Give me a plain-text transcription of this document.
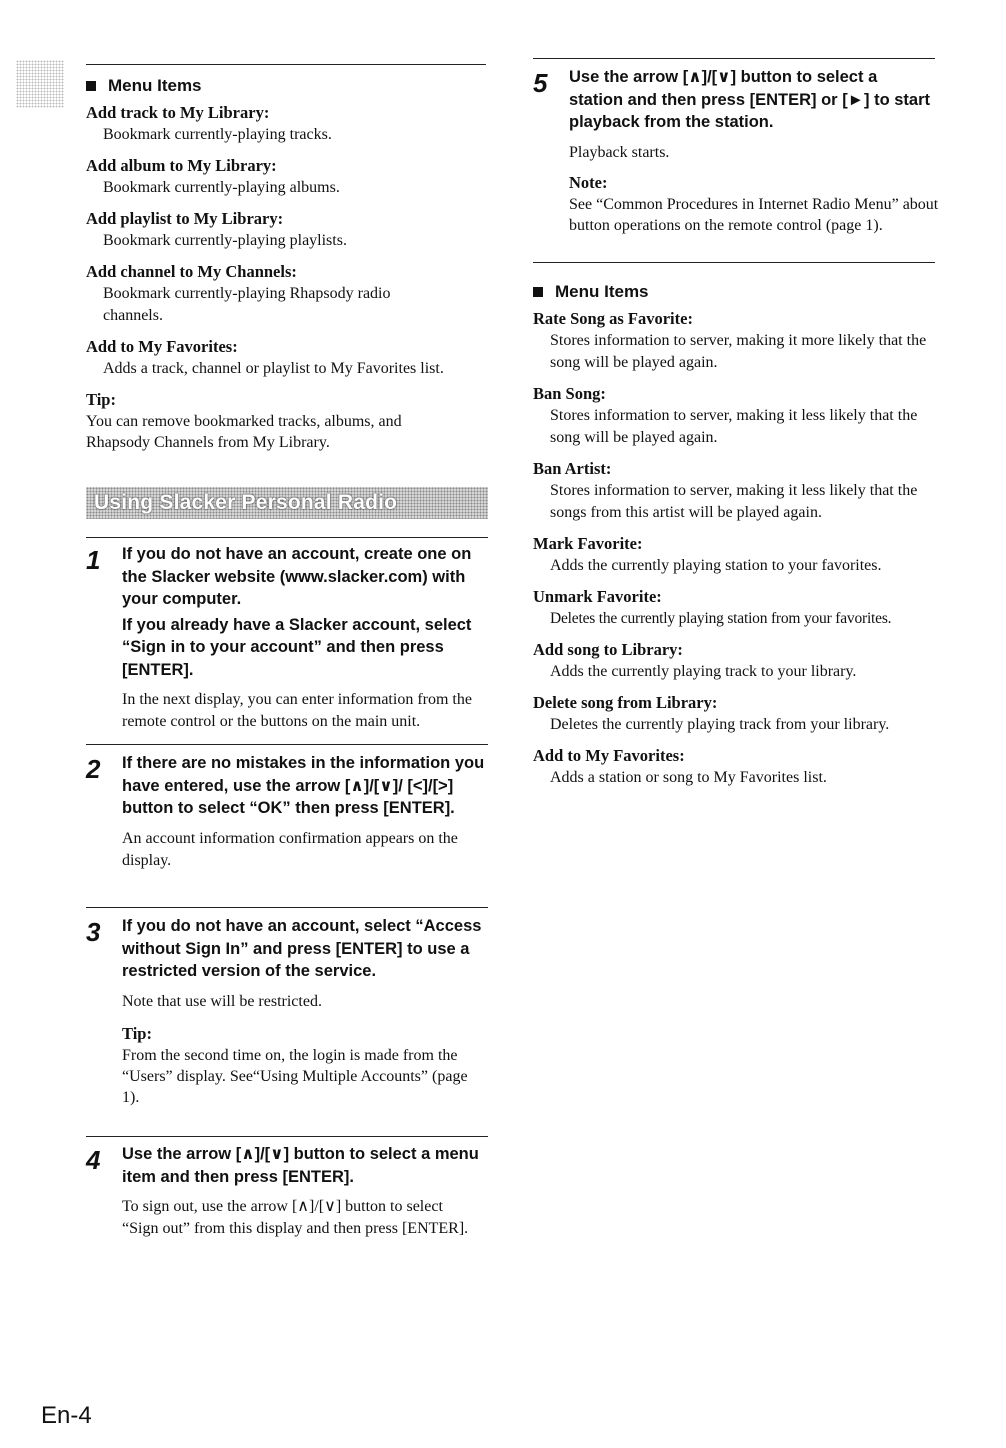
Menu Items

Add track to My Library:

Bookmark currently-playing tracks.

Add album to My Library:

Bookmark currently-playing albums.

Add playlist to My Library:

Bookmark currently-playing playlists.

Add channel to My Channels:

Bookmark currently-playing Rhapsody radio channels.

Add to My Favorites:

Adds a track, channel or playlist to My Favorites list.

Tip:
You can remove bookmarked tracks, albums, and Rhapsody Channels from My Library.
Using Slacker Personal Radio
1 If you do not have an account, create one on the Slacker website (www.slacker.com) with your computer.
If you already have a Slacker account, select “Sign in to your account” and then press [ENTER].
In the next display, you can enter information from the remote control or the buttons on the main unit.
2 If there are no mistakes in the information you have entered, use the arrow [∧]/[∨]/ [<]/[>] button to select “OK” then press [ENTER].
An account information confirmation appears on the display.
3 If you do not have an account, select “Access without Sign In” and press [ENTER] to use a restricted version of the service.
Note that use will be restricted.
Tip:
From the second time on, the login is made from the “Users” display. See“Using Multiple Accounts” (page 1).
4 Use the arrow [∧]/[∨] button to select a menu item and then press [ENTER].
To sign out, use the arrow [∧]/[∨] button to select “Sign out” from this display and then press [ENTER].
5 Use the arrow [∧]/[∨] button to select a station and then press [ENTER] or [►] to start playback from the station.
Playback starts.
Note:
See “Common Procedures in Internet Radio Menu” about button operations on the remote control (page 1).
Menu Items

Rate Song as Favorite:

Stores information to server, making it more likely that the song will be played again.

Ban Song:

Stores information to server, making it less likely that the song will be played again.

Ban Artist:

Stores information to server, making it less likely that the songs from this artist will be played again.

Mark Favorite:

Adds the currently playing station to your favorites.

Unmark Favorite:

Deletes the currently playing station from your favorites.

Add song to Library:

Adds the currently playing track to your library.

Delete song from Library:

Deletes the currently playing track from your library.

Add to My Favorites:

Adds a station or song to My Favorites list.

En-4
